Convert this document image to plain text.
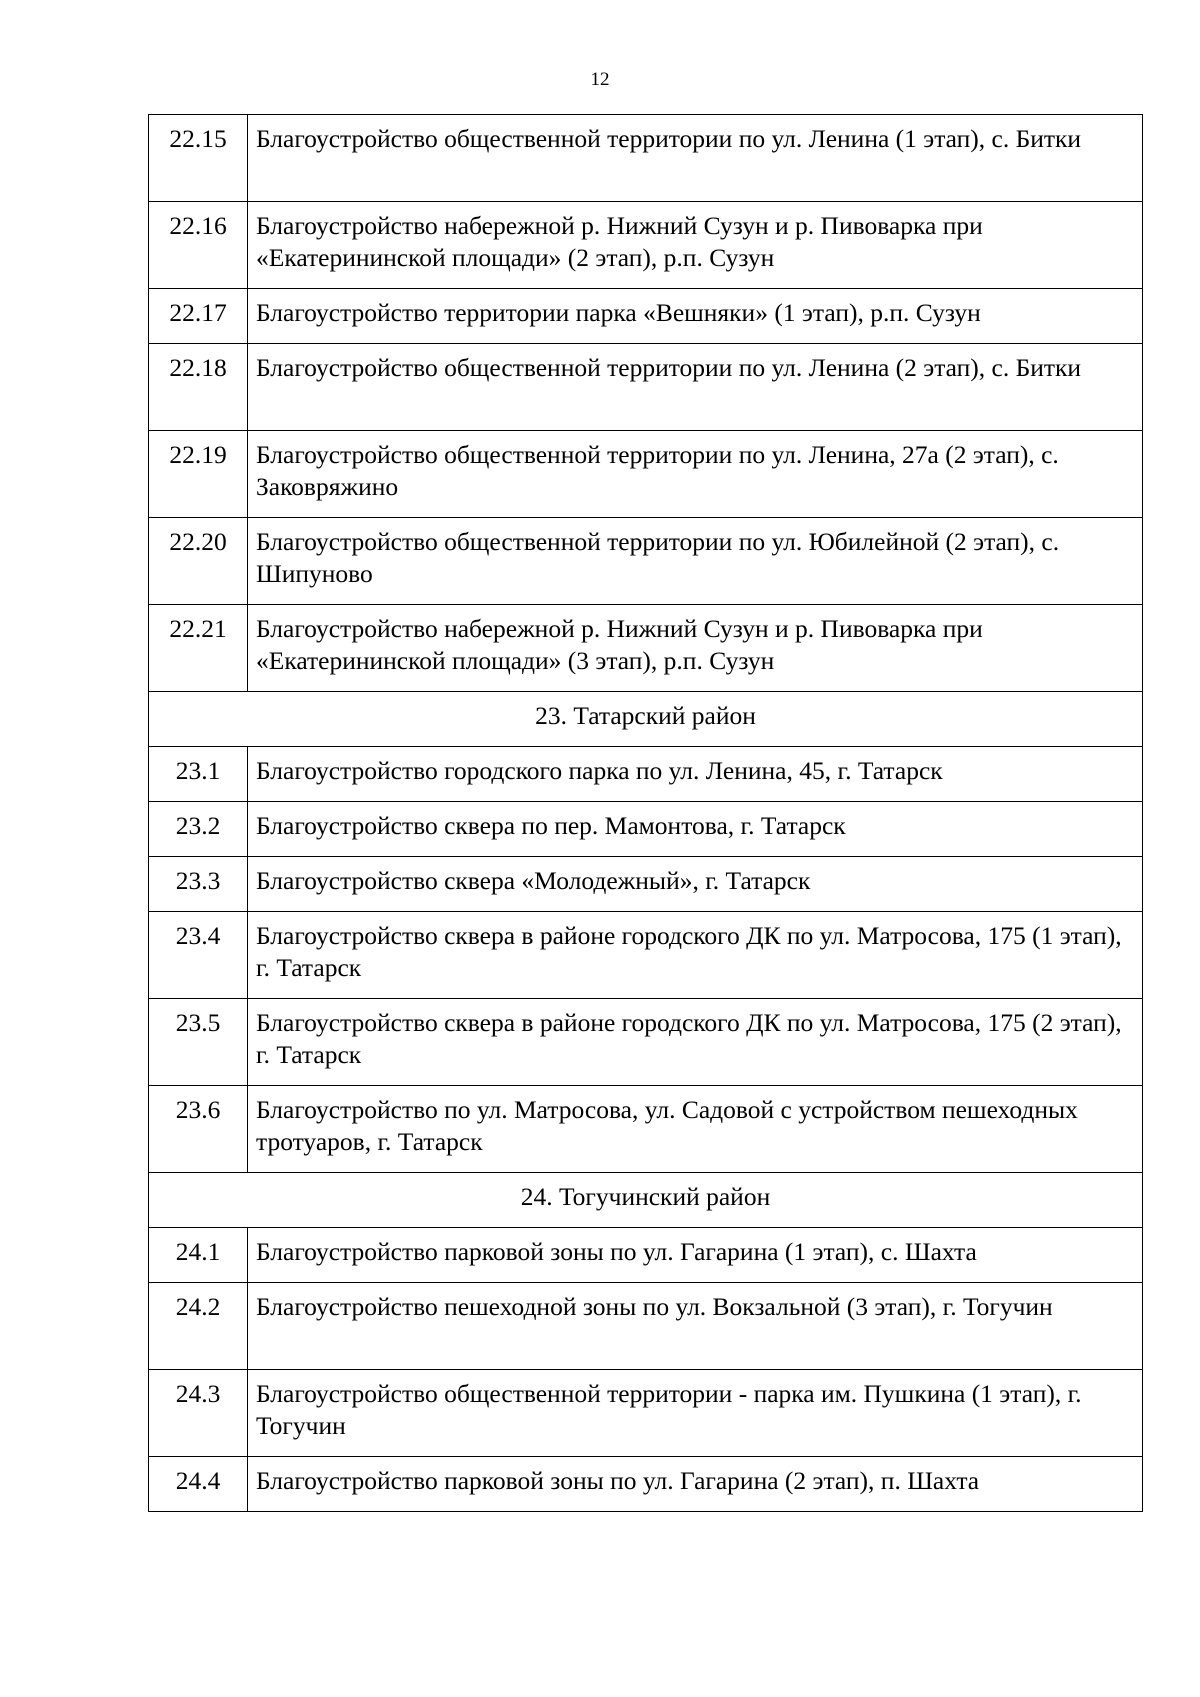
12
22.15	Благоустройство общественной территории по ул. Ленина (1 этап), с. Битки
22.16	Благоустройство набережной р. Нижний Сузун и р. Пивоварка при «Екатерининской площади» (2 этап), р.п. Сузун
22.17	Благоустройство территории парка «Вешняки» (1 этап), р.п. Сузун
22.18	Благоустройство общественной территории по ул. Ленина (2 этап), с. Битки
22.19	Благоустройство общественной территории по ул. Ленина, 27а (2 этап), с. Заковряжино
22.20	Благоустройство общественной территории по ул. Юбилейной (2 этап), с. Шипуново
22.21	Благоустройство набережной р. Нижний Сузун и р. Пивоварка при «Екатерининской площади» (3 этап), р.п. Сузун
23. Татарский район	
23.1	Благоустройство городского парка по ул. Ленина, 45, г. Татарск
23.2	Благоустройство сквера по пер. Мамонтова, г. Татарск
23.3	Благоустройство сквера «Молодежный», г. Татарск
23.4	Благоустройство сквера в районе городского ДК по ул. Матросова, 175 (1 этап), г. Татарск
23.5	Благоустройство сквера в районе городского ДК по ул. Матросова, 175 (2 этап), г. Татарск
23.6	Благоустройство по ул. Матросова, ул. Садовой с устройством пешеходных тротуаров, г. Татарск
24. Тогучинский район	
24.1	Благоустройство парковой зоны по ул. Гагарина (1 этап), с. Шахта
24.2	Благоустройство пешеходной зоны по ул. Вокзальной (3 этап), г. Тогучин
24.3	Благоустройство общественной территории - парка им. Пушкина (1 этап), г. Тогучин
24.4	Благоустройство парковой зоны по ул. Гагарина (2 этап), п. Шахта
